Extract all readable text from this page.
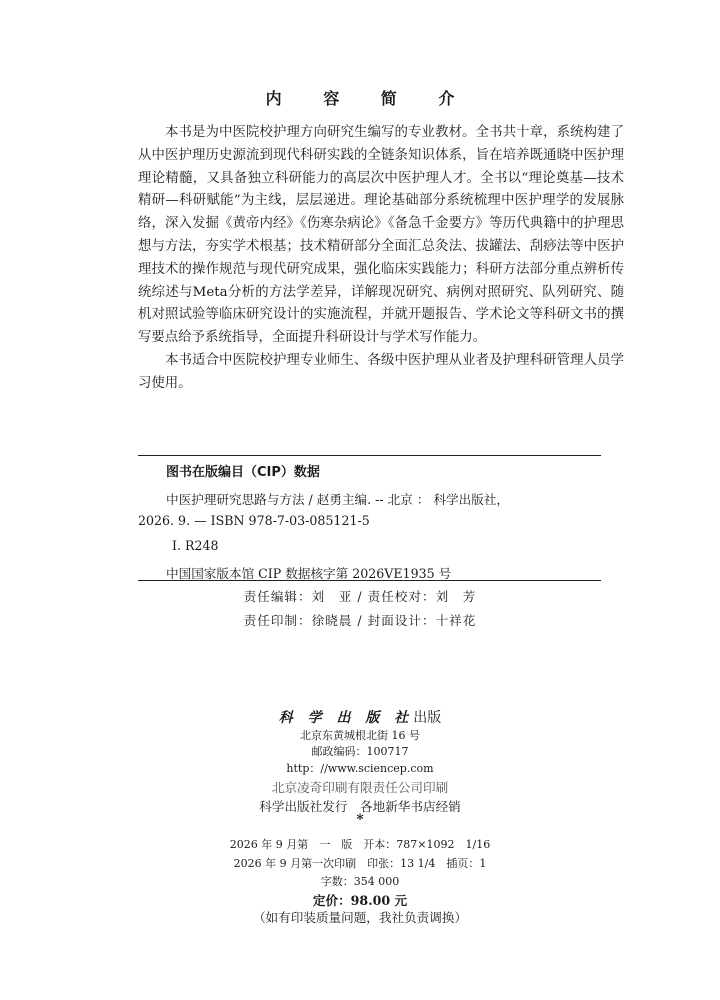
内 容 简 介

本书是为中医院校护理方向研究生编写的专业教材。全书共十章，系统构建了从中医护理历史源流到现代科研实践的全链条知识体系，旨在培养既通晓中医护理理论精髓，又具备独立科研能力的高层次中医护理人才。全书以“理论奠基—技术精研—科研赋能”为主线，层层递进。理论基础部分系统梳理中医护理学的发展脉络，深入发掘《黄帝内经》《伤寒杂病论》《备急千金要方》等历代典籍中的护理思想与方法，夯实学术根基；技术精研部分全面汇总灸法、拔罐法、刮痧法等中医护理技术的操作规范与现代研究成果，强化临床实践能力；科研方法部分重点辨析传统综述与Meta分析的方法学差异，详解现况研究、病例对照研究、队列研究、随机对照试验等临床研究设计的实施流程，并就开题报告、学术论文等科研文书的撰写要点给予系统指导，全面提升科研设计与学术写作能力。

本书适合中医院校护理专业师生、各级中医护理从业者及护理科研管理人员学习使用。

图书在版编目（CIP）数据
中医护理研究思路与方法 / 赵勇主编. -- 北京 ： 科学出版社，
2026. 9. — ISBN 978-7-03-085121-5
Ⅰ. R248
中国国家版本馆 CIP 数据核字第 2026VE1935 号
责任编辑：刘　亚 / 责任校对：刘　芳
责任印制：徐晓晨 / 封面设计：十祥花
科 学 出 版 社出版
北京东黄城根北街 16 号
邮政编码：100717
http：//www.sciencep.com
北京凌奇印刷有限责任公司印刷
科学出版社发行　各地新华书店经销
*
2026 年 9 月第　一　版　开本：787×1092　1/16
2026 年 9 月第一次印刷　印张：13 1/4　插页：1
字数：354 000
定价：98.00 元
（如有印装质量问题，我社负责调换）
